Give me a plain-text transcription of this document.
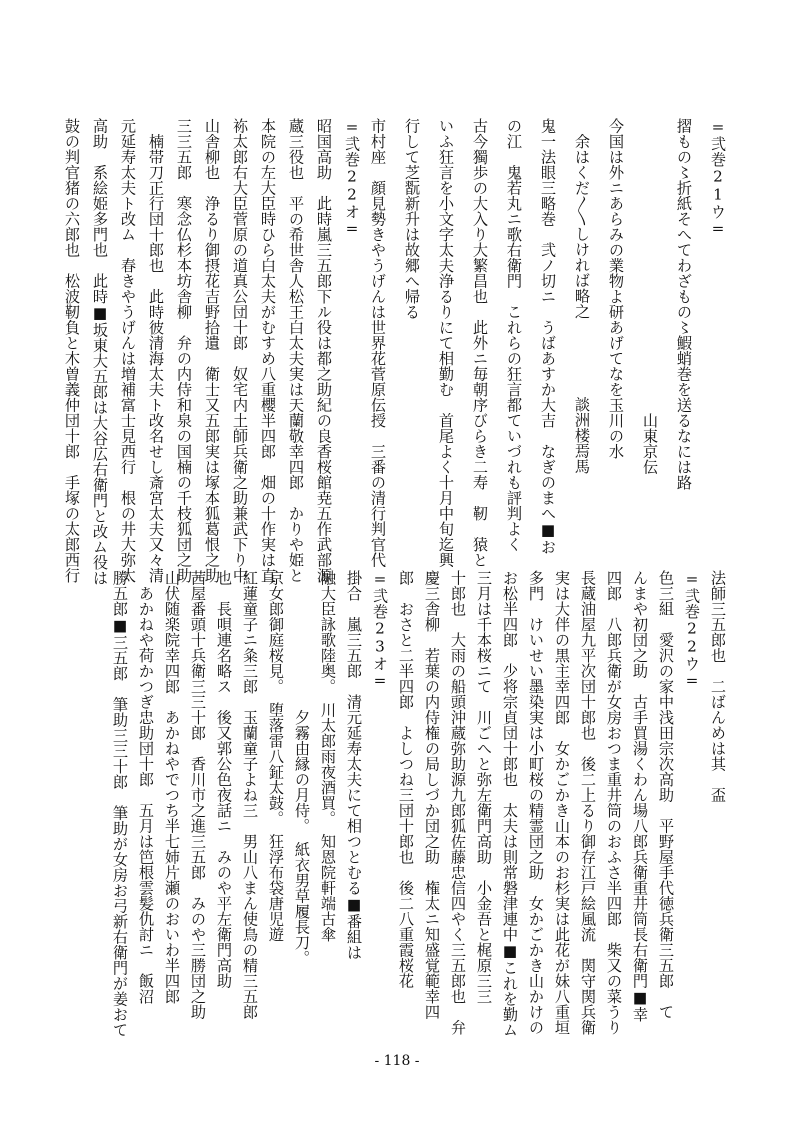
=弐巻21ウ=
摺もの〻折紙そへてわざもの〻鰕蛸巻を送るなには路
　　　　　　　　　　　　　　　　　　　山東京伝
今国は外ニあらみの業物よ研あげてなを玉川の水
　余はくだ〳〵しければ略之　　　　　談洲楼焉馬
鬼一法眼三略巻　弐ノ切ニ　うばあすか大吉　なぎのまへ■お
の江　鬼若丸ニ歌右衛門　これらの狂言都ていづれも評判よく
古今獨歩の大入り大繁昌也　此外ニ毎朝序びらき二寿　靭　猿と
いふ狂言を小文字太夫浄るりにて相勤む　首尾よく十月中旬迄興
行して芝翫新升は故郷へ帰る
市村座　顔見勢きやうげんは世界花菅原伝授　三番の清行判官代
=弐巻22オ=
昭国高助　此時嵐三五郎下ル役は都之助紀の良香桜館尭五作武部源
蔵三役也　平の希世舎人松王白太夫実は天蘭敬幸四郎　かりや姫と
本院の左大臣時ひら白太夫がむすめ八重櫻半四郎　畑の十作実は直
袮太郎右大臣菅原の道真公団十郎　奴宅内土師兵衛之助兼武下り中
山舎柳也　浄るり御摂花吉野拾遺　衛士又五郎実は塚本狐葛恨之助
三三五郎　寒念仏杉本坊舎柳　弁の内侍和泉の国楠の千枝狐団之助
　楠帯刀正行団十郎也　此時彼清海太夫ト改名せし斎宮太夫又々清
元延寿太夫ト改ム　春きやうげんは増補富士見西行　根の井大弥太
高助　系絵姫多門也　此時■坂東大五郎は大谷広右衛門と改ム役は
鼓の判官猪の六郎也　松波靭負と木曽義仲団十郎　手塚の太郎西行
法師三五郎也　二ばんめは其　盃
=弐巻22ウ=
色三組　愛沢の家中浅田宗次高助　平野屋手代徳兵衛三五郎　て
んまや初団之助　古手買湯くわん場八郎兵衛重井筒長右衛門■幸
四郎　八郎兵衛が女房おつま重井筒のおふさ半四郎　柴又の菜うり
長蔵油屋九平次団十郎也　後二上るり御存江戸絵風流　関守関兵衛
実は大伴の黒主幸四郎　女かごかき山本のお杉実は此花が妹八重垣
多門　けいせい墨染実は小町桜の精霊団之助　女かごかき山かけの
お松半四郎　少将宗貞団十郎也　太夫は則常磐津連中■これを勤ム
三月は千本桜ニて　川ごへと弥左衛門高助　小金吾と梶原三三
十郎也　大雨の船頭沖蔵弥助源九郎狐佐藤忠信四やく三五郎也　弁
慶三舎柳　若葉の内侍権の局しづか団之助　権太ニ知盛覚範幸四
郎　おさと二半四郎　よしつね三団十郎也　後二八重霞桜花
=弐巻23オ=
掛合　嵐三五郎　清元延寿太夫にて相つとむる■番組は
融大臣詠歌陸奥。　川太郎雨夜酒買。　知恩院軒端古傘
　　　　　　　　　夕霧由縁の月侍。　紙衣男草履長刀。
京女郎御庭桜見。　堕落雷八鉦太鼓。　狂浮布袋唐児遊
紅蓮童子ニ粂三郎　玉蘭童子よね三　男山八まん使鳥の精三五郎
也　長唄連名略ス　後又郭公色夜話ニ　みのや平左衛門高助
茜屋番頭十兵衛三三十郎　香川市之進三五郎　みのや三勝団之助
山伏随楽院幸四郎　あかねやでつち半七姉片瀬のおいわ半四郎
　あかねや荷かつぎ忠助団十郎　五月は笆根雲髪仇討ニ　飯沼
勝五郎■三五郎　筆助三三十郎　筆助が女房お弓新右衛門が姜おて
- 118 -
